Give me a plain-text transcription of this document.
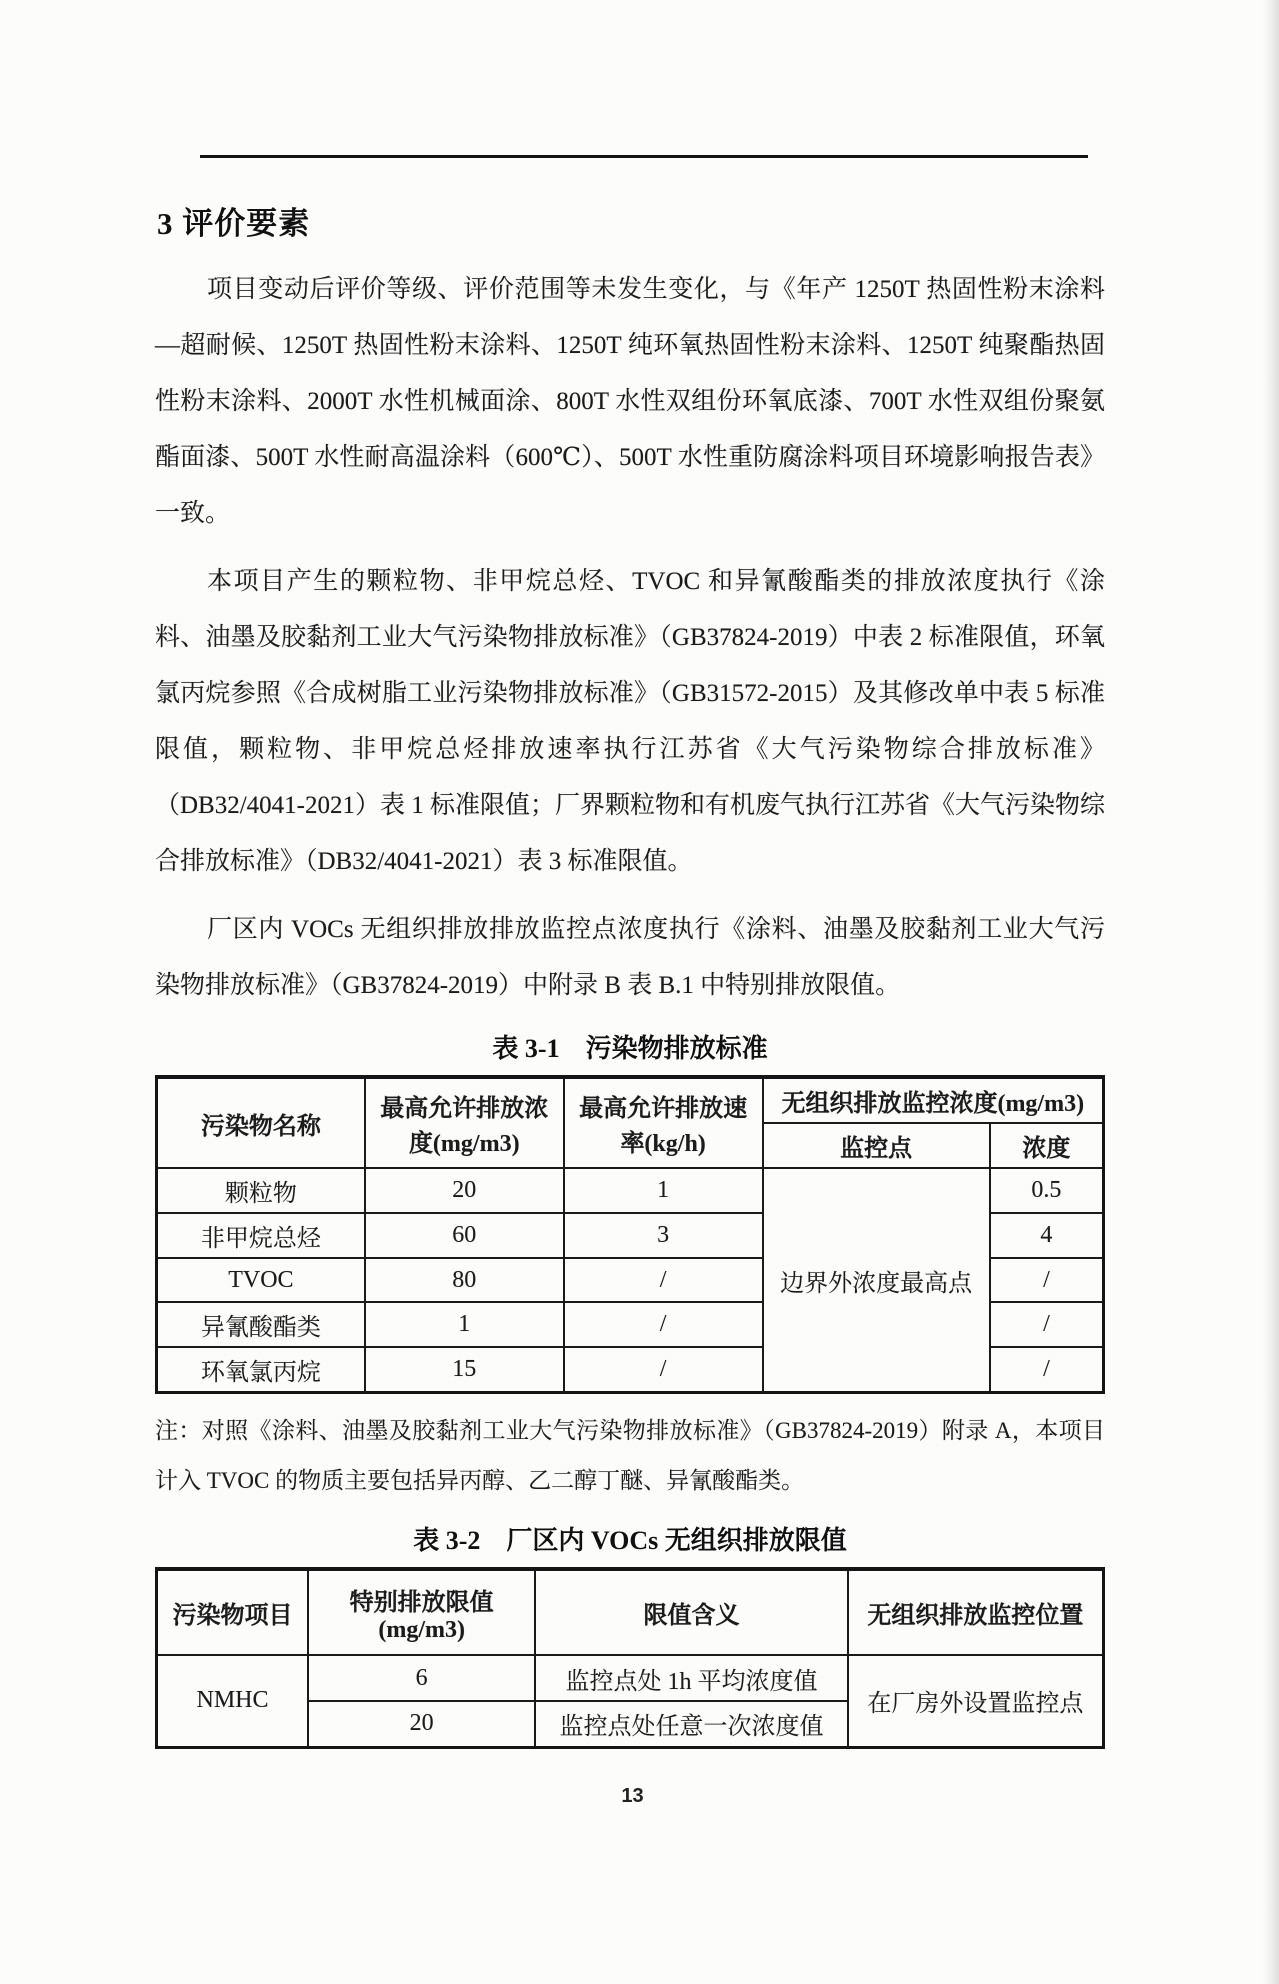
3 评价要素

项目变动后评价等级、评价范围等未发生变化，与《年产 1250T 热固性粉末涂料—超耐候、1250T 热固性粉末涂料、1250T 纯环氧热固性粉末涂料、1250T 纯聚酯热固性粉末涂料、2000T 水性机械面涂、800T 水性双组份环氧底漆、700T 水性双组份聚氨酯面漆、500T 水性耐高温涂料（600℃）、500T 水性重防腐涂料项目环境影响报告表》一致。

本项目产生的颗粒物、非甲烷总烃、TVOC 和异氰酸酯类的排放浓度执行《涂料、油墨及胶黏剂工业大气污染物排放标准》（GB37824-2019）中表 2 标准限值，环氧氯丙烷参照《合成树脂工业污染物排放标准》（GB31572-2015）及其修改单中表 5 标准限值，颗粒物、非甲烷总烃排放速率执行江苏省《大气污染物综合排放标准》（DB32/4041-2021）表 1 标准限值；厂界颗粒物和有机废气执行江苏省《大气污染物综合排放标准》（DB32/4041-2021）表 3 标准限值。

厂区内 VOCs 无组织排放排放监控点浓度执行《涂料、油墨及胶黏剂工业大气污染物排放标准》（GB37824-2019）中附录 B 表 B.1 中特别排放限值。

表 3-1　污染物排放标准
污染物名称	最高允许排放浓度(mg/m3)	最高允许排放速率(kg/h)	无组织排放监控浓度(mg/m3)	
			监控点	浓度
颗粒物	20	1	边界外浓度最高点	0.5
非甲烷总烃	60	3		4
TVOC	80	/		/
异氰酸酯类	1	/		/
环氧氯丙烷	15	/		/

注：对照《涂料、油墨及胶黏剂工业大气污染物排放标准》（GB37824-2019）附录 A，本项目计入 TVOC 的物质主要包括异丙醇、乙二醇丁醚、异氰酸酯类。

表 3-2　厂区内 VOCs 无组织排放限值
污染物项目	特别排放限值 (mg/m3)	限值含义	无组织排放监控位置
NMHC	6	监控点处 1h 平均浓度值	在厂房外设置监控点
	20	监控点处任意一次浓度值	
13
